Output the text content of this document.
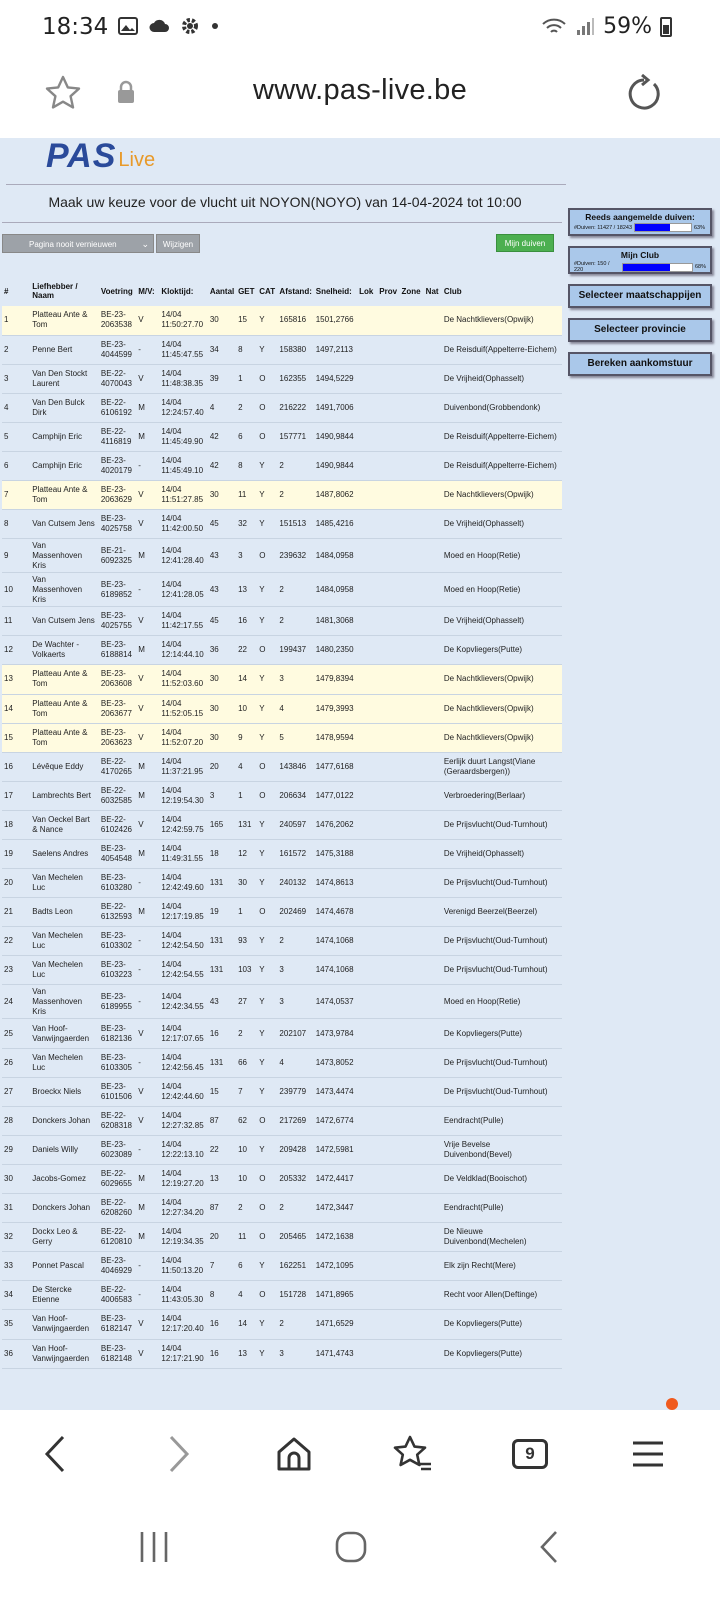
18:34	59%
www.pas-live.be
PAS Live
Maak uw keuze voor de vlucht uit NOYON(NOYO) van 14-04-2024 tot 10:00
Pagina nooit vernieuwen	⌄	Wijzigen	Mijn duiven
Reeds aangemelde duiven:
#Duiven: 11427 / 18243	63%
Mijn Club
#Duiven: 150 / 220	68%
Selecteer maatschappijen
Selecteer provincie
Bereken aankomstuur
#	Liefhebber / Naam	Voetring	M/V:	Kloktijd:	Aantal	GET	CAT	Afstand:	Snelheid:	Lok	Prov	Zone	Nat	Club
1	Platteau Ante & Tom	BE-23-2063538	V	14/04 11:50:27.70	30	15	Y	165816	1501,2766					De Nachtklievers(Opwijk)
2	Penne Bert	BE-23-4044599	-	14/04 11:45:47.55	34	8	Y	158380	1497,2113					De Reisduif(Appelterre-Eichem)
3	Van Den Stockt Laurent	BE-22-4070043	V	14/04 11:48:38.35	39	1	O	162355	1494,5229					De Vrijheid(Ophasselt)
4	Van Den Bulck Dirk	BE-22-6106192	M	14/04 12:24:57.40	4	2	O	216222	1491,7006					Duivenbond(Grobbendonk)
5	Camphijn Eric	BE-22-4116819	M	14/04 11:45:49.90	42	6	O	157771	1490,9844					De Reisduif(Appelterre-Eichem)
6	Camphijn Eric	BE-23-4020179	-	14/04 11:45:49.10	42	8	Y	2	1490,9844					De Reisduif(Appelterre-Eichem)
7	Platteau Ante & Tom	BE-23-2063629	V	14/04 11:51:27.85	30	11	Y	2	1487,8062					De Nachtklievers(Opwijk)
8	Van Cutsem Jens	BE-23-4025758	V	14/04 11:42:00.50	45	32	Y	151513	1485,4216					De Vrijheid(Ophasselt)
9	Van Massenhoven Kris	BE-21-6092325	M	14/04 12:41:28.40	43	3	O	239632	1484,0958					Moed en Hoop(Retie)
10	Van Massenhoven Kris	BE-23-6189852	-	14/04 12:41:28.05	43	13	Y	2	1484,0958					Moed en Hoop(Retie)
11	Van Cutsem Jens	BE-23-4025755	V	14/04 11:42:17.55	45	16	Y	2	1481,3068					De Vrijheid(Ophasselt)
12	De Wachter - Volkaerts	BE-23-6188814	M	14/04 12:14:44.10	36	22	O	199437	1480,2350					De Kopvliegers(Putte)
13	Platteau Ante & Tom	BE-23-2063608	V	14/04 11:52:03.60	30	14	Y	3	1479,8394					De Nachtklievers(Opwijk)
14	Platteau Ante & Tom	BE-23-2063677	V	14/04 11:52:05.15	30	10	Y	4	1479,3993					De Nachtklievers(Opwijk)
15	Platteau Ante & Tom	BE-23-2063623	V	14/04 11:52:07.20	30	9	Y	5	1478,9594					De Nachtklievers(Opwijk)
16	Lévêque Eddy	BE-22-4170265	M	14/04 11:37:21.95	20	4	O	143846	1477,6168					Eerlijk duurt Langst(Viane (Geraardsbergen))
17	Lambrechts Bert	BE-22-6032585	M	14/04 12:19:54.30	3	1	O	206634	1477,0122					Verbroedering(Berlaar)
18	Van Oeckel Bart & Nance	BE-22-6102426	V	14/04 12:42:59.75	165	131	Y	240597	1476,2062					De Prijsvlucht(Oud-Turnhout)
19	Saelens Andres	BE-23-4054548	M	14/04 11:49:31.55	18	12	Y	161572	1475,3188					De Vrijheid(Ophasselt)
20	Van Mechelen Luc	BE-23-6103280	-	14/04 12:42:49.60	131	30	Y	240132	1474,8613					De Prijsvlucht(Oud-Turnhout)
21	Badts Leon	BE-22-6132593	M	14/04 12:17:19.85	19	1	O	202469	1474,4678					Verenigd Beerzel(Beerzel)
22	Van Mechelen Luc	BE-23-6103302	-	14/04 12:42:54.50	131	93	Y	2	1474,1068					De Prijsvlucht(Oud-Turnhout)
23	Van Mechelen Luc	BE-23-6103223	-	14/04 12:42:54.55	131	103	Y	3	1474,1068					De Prijsvlucht(Oud-Turnhout)
24	Van Massenhoven Kris	BE-23-6189955	-	14/04 12:42:34.55	43	27	Y	3	1474,0537					Moed en Hoop(Retie)
25	Van Hoof-Vanwijngaerden	BE-23-6182136	V	14/04 12:17:07.65	16	2	Y	202107	1473,9784					De Kopvliegers(Putte)
26	Van Mechelen Luc	BE-23-6103305	-	14/04 12:42:56.45	131	66	Y	4	1473,8052					De Prijsvlucht(Oud-Turnhout)
27	Broeckx Niels	BE-23-6101506	V	14/04 12:42:44.60	15	7	Y	239779	1473,4474					De Prijsvlucht(Oud-Turnhout)
28	Donckers Johan	BE-22-6208318	V	14/04 12:27:32.85	87	62	O	217269	1472,6774					Eendracht(Pulle)
29	Daniels Willy	BE-23-6023089	-	14/04 12:22:13.10	22	10	Y	209428	1472,5981					Vrije Bevelse Duivenbond(Bevel)
30	Jacobs-Gomez	BE-22-6029655	M	14/04 12:19:27.20	13	10	O	205332	1472,4417					De Veldklad(Booischot)
31	Donckers Johan	BE-22-6208260	M	14/04 12:27:34.20	87	2	O	2	1472,3447					Eendracht(Pulle)
32	Dockx Leo & Gerry	BE-22-6120810	M	14/04 12:19:34.35	20	11	O	205465	1472,1638					De Nieuwe Duivenbond(Mechelen)
33	Ponnet Pascal	BE-23-4046929	-	14/04 11:50:13.20	7	6	Y	162251	1472,1095					Elk zijn Recht(Mere)
34	De Stercke Etienne	BE-22-4006583	-	14/04 11:43:05.30	8	4	O	151728	1471,8965					Recht voor Allen(Deftinge)
35	Van Hoof-Vanwijngaerden	BE-23-6182147	V	14/04 12:17:20.40	16	14	Y	2	1471,6529					De Kopvliegers(Putte)
36	Van Hoof-Vanwijngaerden	BE-23-6182148	V	14/04 12:17:21.90	16	13	Y	3	1471,4743					De Kopvliegers(Putte)
9
